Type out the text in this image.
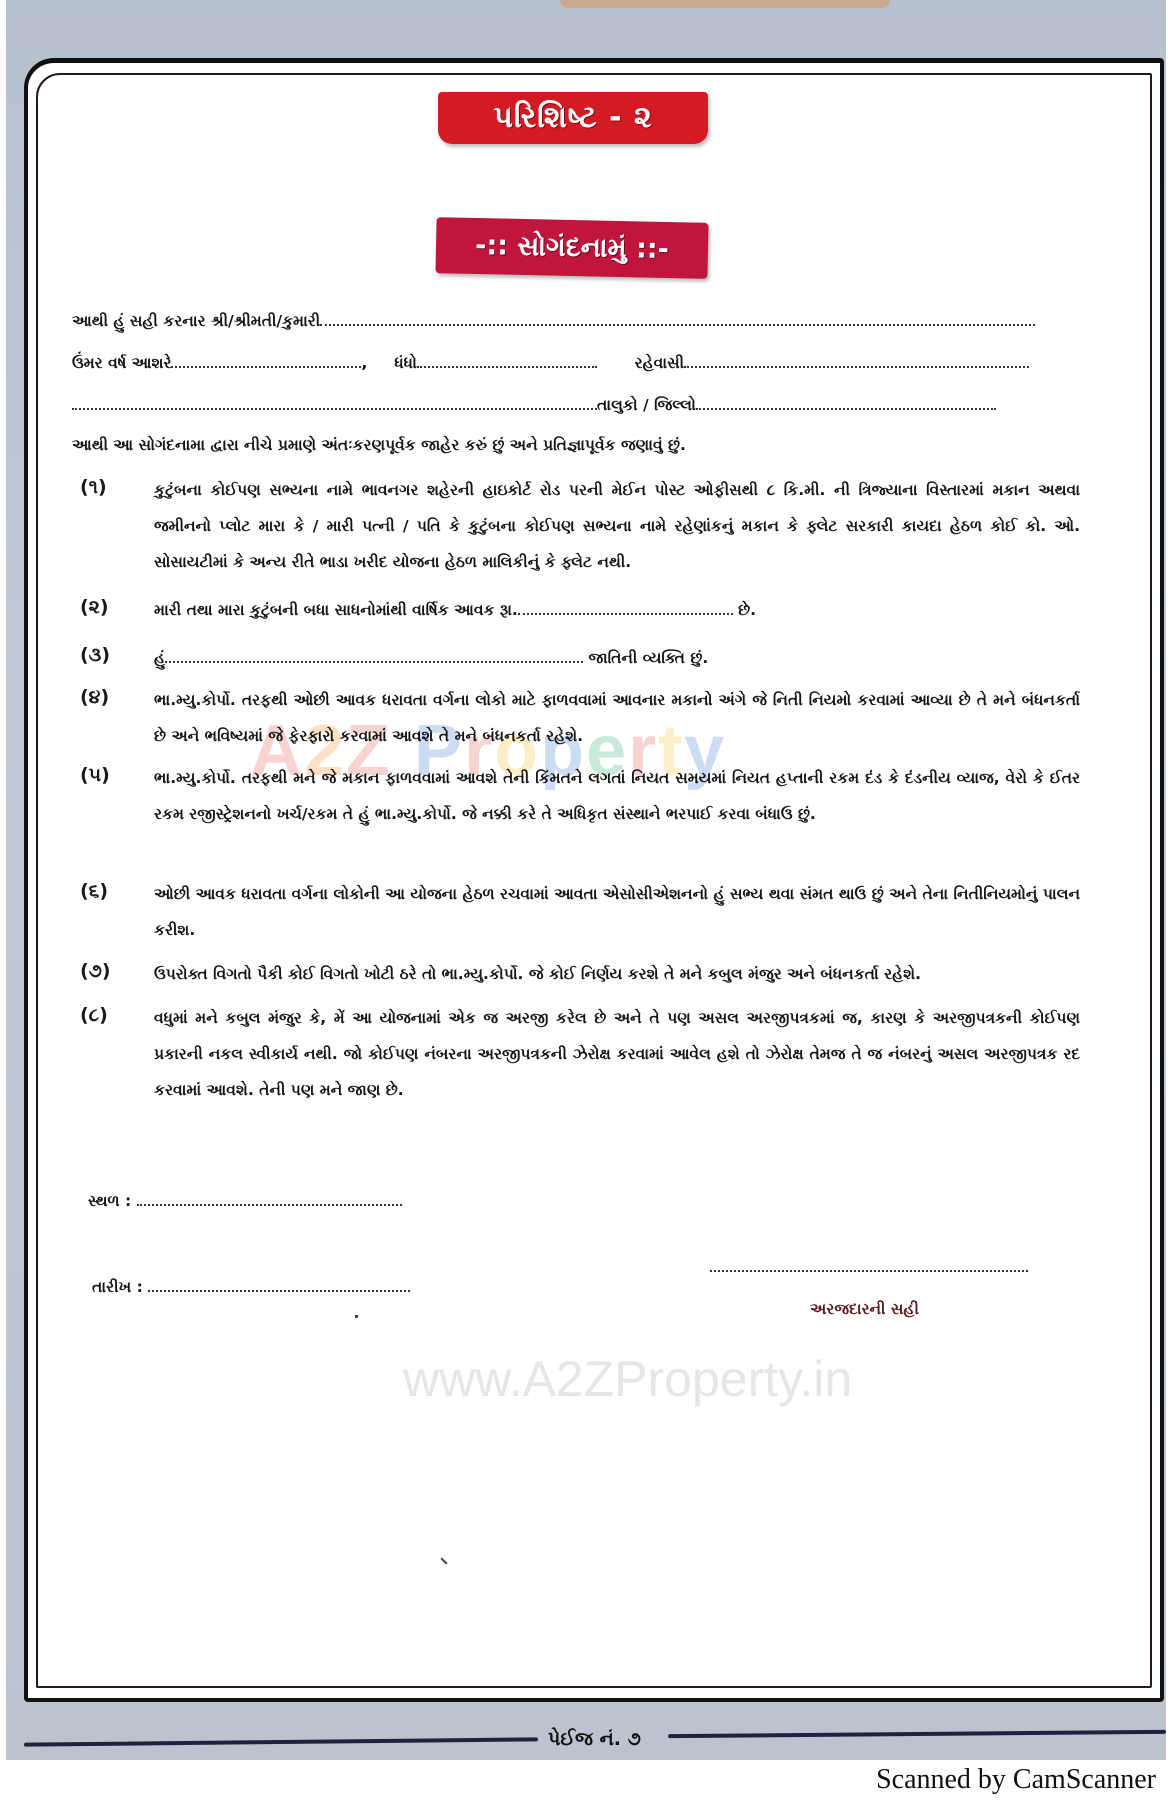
A2Z Property
www.A2ZProperty.in
પરિશિષ્ટ - ૨
-:: સોગંદનામું ::-
આથી હું સહી કરનાર શ્રી/શ્રીમતી/કુમારી
ઉંમર વર્ષ આશરે	,     ધંધો	રહેવાસી
તાલુકો / જિલ્લો
આથી આ સોગંદનામા દ્વારા નીચે પ્રમાણે અંતઃકરણપૂર્વક જાહેર કરું છું અને પ્રતિજ્ઞાપૂર્વક જણાવું છું.
(૧)	કુટુંબના કોઈપણ સભ્યના નામે ભાવનગર શહેરની હાઇકોર્ટ રોડ પરની મેઈન પોસ્ટ ઓફીસથી ૮ કિ.મી. ની ત્રિજ્યાના વિસ્તારમાં મકાન અથવા જમીનનો પ્લોટ મારા કે / મારી પત્ની / પતિ કે કુટુંબના કોઈપણ સભ્યના નામે રહેણાંકનું મકાન કે ફ્લેટ સરકારી કાયદા હેઠળ કોઈ કો. ઓ. સોસાયટીમાં કે અન્ય રીતે ભાડા ખરીદ યોજના હેઠળ માલિકીનું કે ફ્લેટ નથી.
(૨)	મારી તથા મારા કુટુંબની બધા સાધનોમાંથી વાર્ષિક આવક રૂા.	છે.
(૩)	હું	જાતિની વ્યક્તિ છું.
(૪)	ભા.મ્યુ.કોર્પો. તરફથી ઓછી આવક ધરાવતા વર્ગના લોકો માટે ફાળવવામાં આવનાર મકાનો અંગે જે નિતી નિયમો કરવામાં આવ્યા છે તે મને બંધનકર્તા છે અને ભવિષ્યમાં જે ફેરફારો કરવામાં આવશે તે મને બંધનકર્તા રહેશે.
(૫)	ભા.મ્યુ.કોર્પો. તરફથી મને જે મકાન ફાળવવામાં આવશે તેની કિંમતને લગતાં નિયત સમયમાં નિયત હપ્તાની રકમ દંડ કે દંડનીય વ્યાજ, વેરો કે ઈતર રકમ રજીસ્ટ્રેશનનો ખર્ચ/રકમ તે હું ભા.મ્યુ.કોર્પો. જે નક્કી કરે તે અધિકૃત સંસ્થાને ભરપાઈ કરવા બંધાઉ છું.
(૬)	ઓછી આવક ધરાવતા વર્ગના લોકોની આ યોજના હેઠળ રચવામાં આવતા એસોસીએશનનો હું સભ્ય થવા સંમત થાઉ છું અને તેના નિતીનિયમોનું પાલન કરીશ.
(૭)	ઉપરોક્ત વિગતો પૈકી કોઈ વિગતો ખોટી ઠરે તો ભા.મ્યુ.કોર્પો. જે કોઈ નિર્ણય કરશે તે મને કબુલ મંજુર અને બંધનકર્તા રહેશે.
(૮)	વધુમાં મને કબુલ મંજુર કે, મેં આ યોજનામાં એક જ અરજી કરેલ છે અને તે પણ અસલ અરજીપત્રકમાં જ, કારણ કે અરજીપત્રકની કોઈપણ પ્રકારની નકલ સ્વીકાર્ય નથી. જો કોઈપણ નંબરના અરજીપત્રકની ઝેરોક્ષ કરવામાં આવેલ હશે તો ઝેરોક્ષ તેમજ તે જ નંબરનું અસલ અરજીપત્રક રદ કરવામાં આવશે. તેની પણ મને જાણ છે.
સ્થળ :
તારીખ :
અરજદારની સહી
પેઈજ નં. ૭
Scanned by CamScanner
